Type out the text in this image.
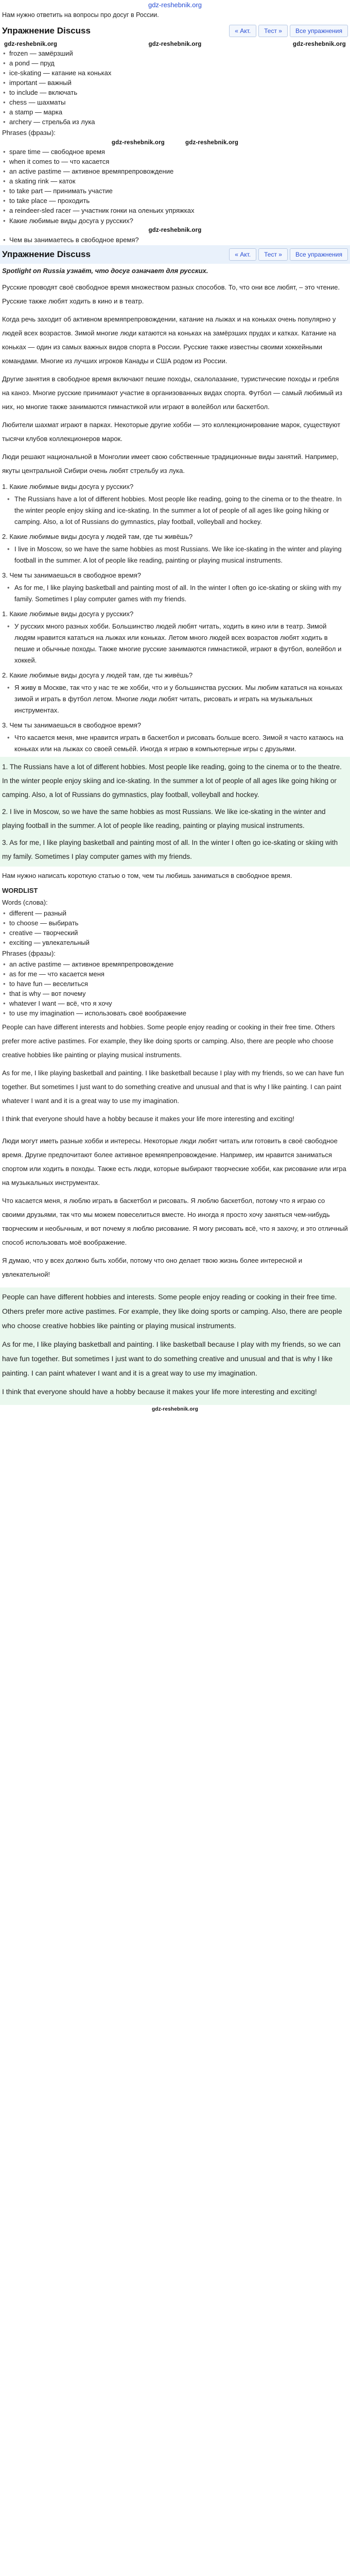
gdz-reshebnik.org
Нам нужно ответить на вопросы про досуг в России.
Упражнение Discuss	« Акт.	Тест »	Все упражнения
gdz-reshebnik.org	gdz-reshebnik.org	gdz-reshebnik.org
• frozen — замёрзший
• a pond — пруд
• ice-skating — катание на коньках
• important — важный
• to include — включать
• chess — шахматы
• a stamp — марка
• archery — стрельба из лука
Phrases (фразы):
gdz-reshebnik.org	gdz-reshebnik.org
• spare time — свободное время
• when it comes to — что касается
• an active pastime — активное времяпрепровождение
• a skating rink — каток
• to take part — принимать участие
• to take place — проходить
• a reindeer-sled racer — участник гонки на оленьих упряжках
• Какие любимые виды досуга у русских?
gdz-reshebnik.org
• Чем вы занимаетесь в свободное время?
Упражнение Discuss	« Акт.	Тест »	Все упражнения
Spotlight on Russia узнаёт, что досуг означает для русских.
Русские проводят своё свободное время множеством разных способов. То, что они все любят, – это чтение. Русские также любят ходить в кино и в театр.
Когда речь заходит об активном времяпрепровождении, катание на лыжах и на коньках очень популярно у людей всех возрастов. Зимой многие люди катаются на коньках на замёрзших прудах и катках. Катание на коньках — один из самых важных видов спорта в России. Русские также известны своими хоккейными командами. Многие из лучших игроков Канады и США родом из России.
Другие занятия в свободное время включают пешие походы, скалолазание, туристические походы и гребля на каноэ. Многие русские принимают участие в организованных видах спорта. Футбол — самый любимый из них, но многие также занимаются гимнастикой или играют в волейбол или баскетбол.
Любители шахмат играют в парках. Некоторые другие хобби — это коллекционирование марок, существуют тысячи клубов коллекционеров марок.
Люди решают национальной в Монголии имеет свою собственные традиционные виды занятий. Например, якуты центральной Сибири очень любят стрельбу из лука.
1. Какие любимые виды досуга у русских?
• The Russians have a lot of different hobbies. Most people like reading, going to the cinema or to the theatre. In the winter people enjoy skiing and ice-skating. In the summer a lot of people of all ages like going hiking or camping. Also, a lot of Russians do gymnastics, play football, volleyball and hockey.
2. Какие любимые виды досуга у людей там, где ты живёшь?
• I live in Moscow, so we have the same hobbies as most Russians. We like ice-skating in the winter and playing football in the summer. A lot of people like reading, painting or playing musical instruments.
3. Чем ты занимаешься в свободное время?
• As for me, I like playing basketball and painting most of all. In the winter I often go ice-skating or skiing with my family. Sometimes I play computer games with my friends.
1. Какие любимые виды досуга у русских?
• У русских много разных хобби. Большинство людей любят читать, ходить в кино или в театр. Зимой людям нравится кататься на лыжах или коньках. Летом много людей всех возрастов любят ходить в пешие и обычные походы. Также многие русские занимаются гимнастикой, играют в футбол, волейбол и хоккей.
2. Какие любимые виды досуга у людей там, где ты живёшь?
• Я живу в Москве, так что у нас те же хобби, что и у большинства русских. Мы любим кататься на коньках зимой и играть в футбол летом. Многие люди любят читать, рисовать и играть на музыкальных инструментах.
3. Чем ты занимаешься в свободное время?
• Что касается меня, мне нравится играть в баскетбол и рисовать больше всего. Зимой я часто катаюсь на коньках или на лыжах со своей семьёй. Иногда я играю в компьютерные игры с друзьями.

1. The Russians have a lot of different hobbies. Most people like reading, going to the cinema or to the theatre. In the winter people enjoy skiing and ice-skating. In the summer a lot of people of all ages like going hiking or camping. Also, a lot of Russians do gymnastics, play football, volleyball and hockey.

2. I live in Moscow, so we have the same hobbies as most Russians. We like ice-skating in the winter and playing football in the summer. A lot of people like reading, painting or playing musical instruments.

3. As for me, I like playing basketball and painting most of all. In the winter I often go ice-skating or skiing with my family. Sometimes I play computer games with my friends.

Нам нужно написать короткую статью о том, чем ты любишь заниматься в свободное время.
WORDLIST
Words (слова):
• different — разный
• to choose — выбирать
• creative — творческий
• exciting — увлекательный
Phrases (фразы):
• an active pastime — активное времяпрепровождение
• as for me — что касается меня
• to have fun — веселиться
• that is why — вот почему
• whatever I want — всё, что я хочу
• to use my imagination — использовать своё воображение

People can have different interests and hobbies. Some people enjoy reading or cooking in their free time. Others prefer more active pastimes. For example, they like doing sports or camping. Also, there are people who choose creative hobbies like painting or playing musical instruments.

As for me, I like playing basketball and painting. I like basketball because I play with my friends, so we can have fun together. But sometimes I just want to do something creative and unusual and that is why I like painting. I can paint whatever I want and it is a great way to use my imagination.

I think that everyone should have a hobby because it makes your life more interesting and exciting!

Люди могут иметь разные хобби и интересы. Некоторые люди любят читать или готовить в своё свободное время. Другие предпочитают более активное времяпрепровождение. Например, им нравится заниматься спортом или ходить в походы. Также есть люди, которые выбирают творческие хобби, как рисование или игра на музыкальных инструментах.

Что касается меня, я люблю играть в баскетбол и рисовать. Я люблю баскетбол, потому что я играю со своими друзьями, так что мы можем повеселиться вместе. Но иногда я просто хочу заняться чем-нибудь творческим и необычным, и вот почему я люблю рисование. Я могу рисовать всё, что я захочу, и это отличный способ использовать моё воображение.

Я думаю, что у всех должно быть хобби, потому что оно делает твою жизнь более интересной и увлекательной!

People can have different hobbies and interests. Some people enjoy reading or cooking in their free time. Others prefer more active pastimes. For example, they like doing sports or camping. Also, there are people who choose creative hobbies like painting or playing musical instruments.

As for me, I like playing basketball and painting. I like basketball because I play with my friends, so we can have fun together. But sometimes I just want to do something creative and unusual and that is why I like painting. I can paint whatever I want and it is a great way to use my imagination.

I think that everyone should have a hobby because it makes your life more interesting and exciting!

gdz-reshebnik.org
